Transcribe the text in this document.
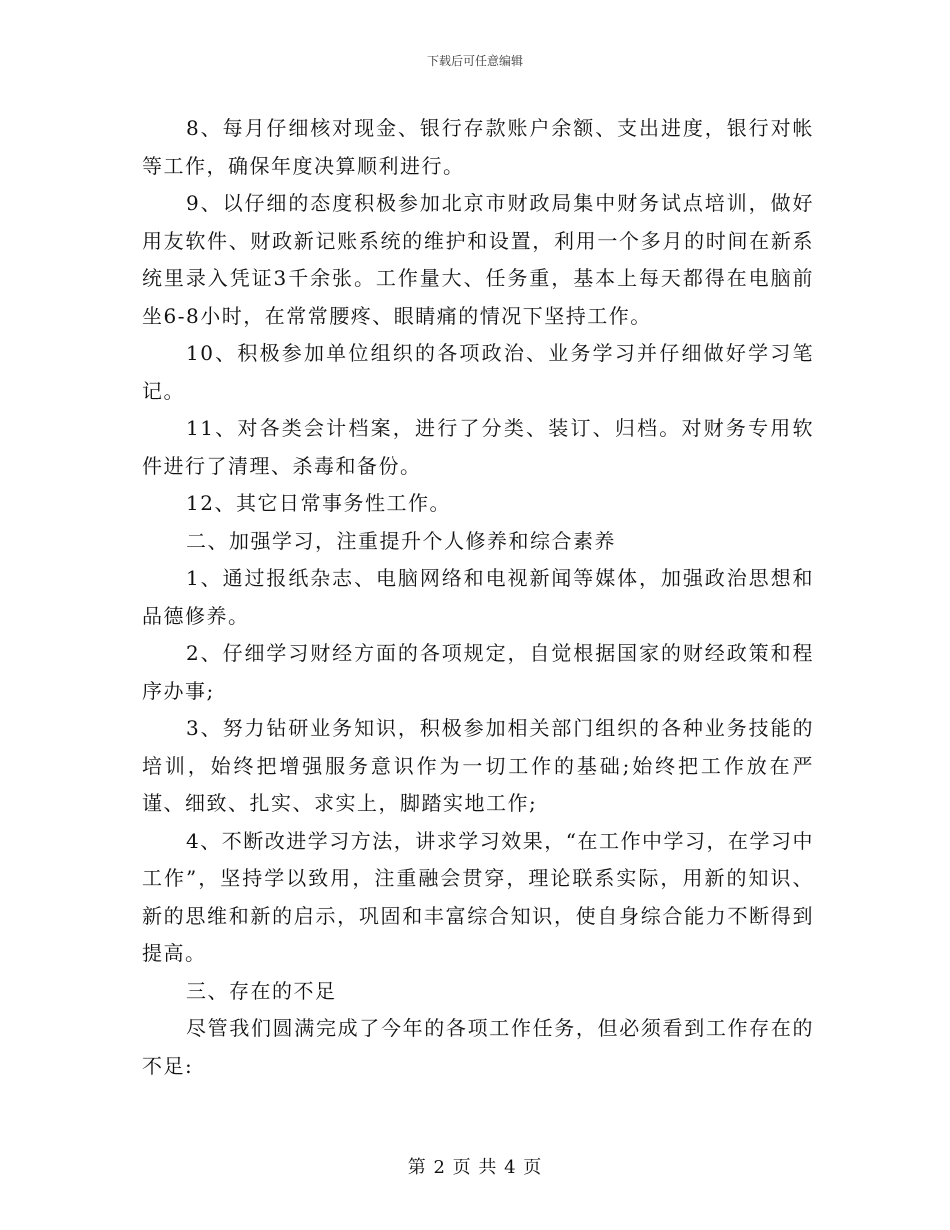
下载后可任意编辑

8、每月仔细核对现金、银行存款账户余额、支出进度，银行对帐等工作，确保年度决算顺利进行。

9、以仔细的态度积极参加北京市财政局集中财务试点培训，做好用友软件、财政新记账系统的维护和设置，利用一个多月的时间在新系统里录入凭证3千余张。工作量大、任务重，基本上每天都得在电脑前坐6-8小时，在常常腰疼、眼睛痛的情况下坚持工作。

10、积极参加单位组织的各项政治、业务学习并仔细做好学习笔记。

11、对各类会计档案，进行了分类、装订、归档。对财务专用软件进行了清理、杀毒和备份。

12、其它日常事务性工作。

二、加强学习，注重提升个人修养和综合素养

1、通过报纸杂志、电脑网络和电视新闻等媒体，加强政治思想和品德修养。

2、仔细学习财经方面的各项规定，自觉根据国家的财经政策和程序办事;

3、努力钻研业务知识，积极参加相关部门组织的各种业务技能的培训，始终把增强服务意识作为一切工作的基础;始终把工作放在严谨、细致、扎实、求实上，脚踏实地工作;

4、不断改进学习方法，讲求学习效果，“在工作中学习，在学习中工作”，坚持学以致用，注重融会贯穿，理论联系实际，用新的知识、新的思维和新的启示，巩固和丰富综合知识，使自身综合能力不断得到提高。

三、存在的不足

尽管我们圆满完成了今年的各项工作任务，但必须看到工作存在的不足:

第 2 页 共 4 页
